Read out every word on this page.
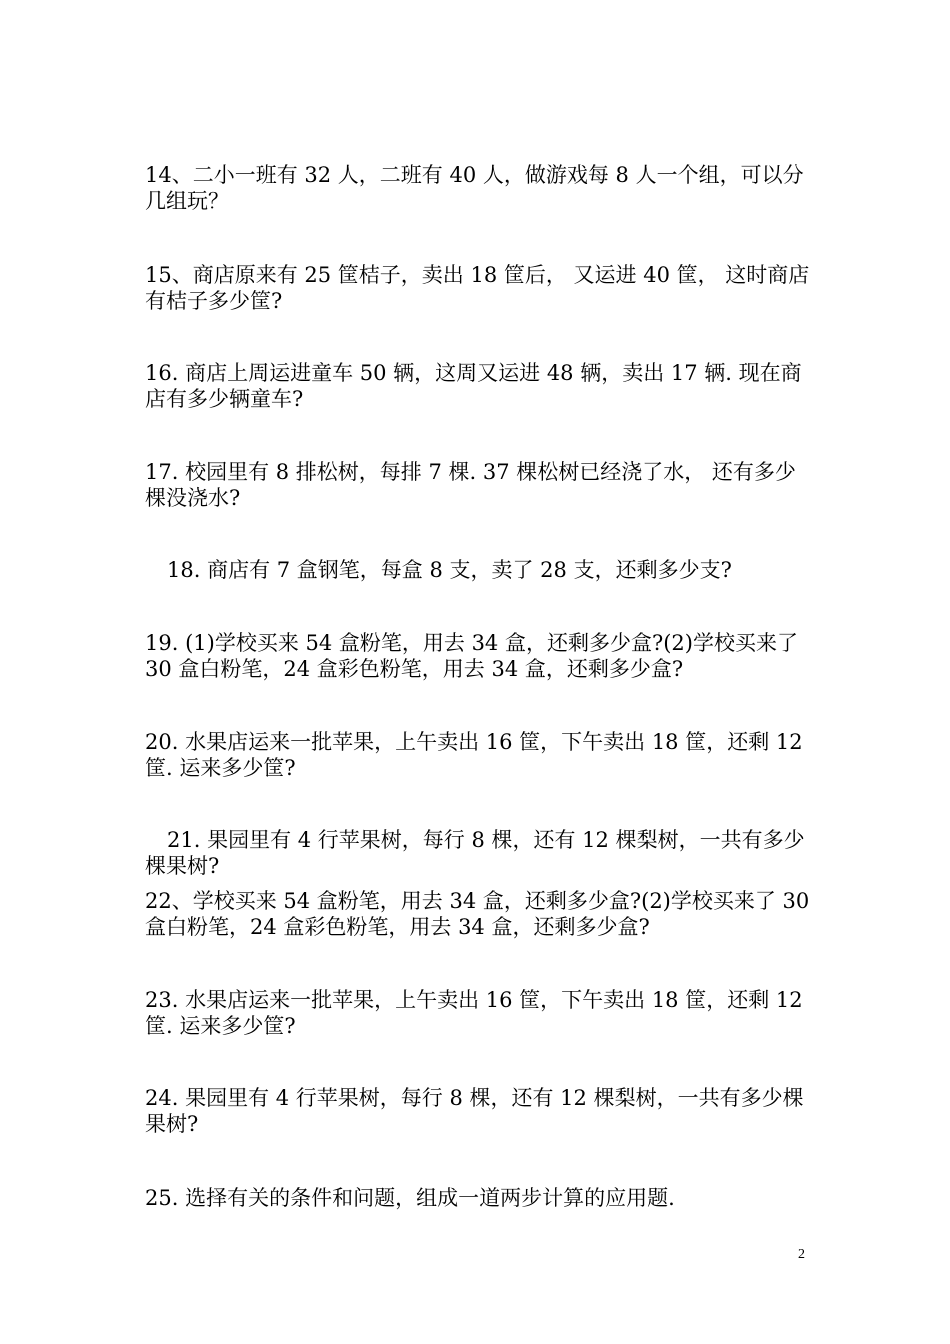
14、二小一班有 32 人，二班有 40 人，做游戏每 8 人一个组，可以分几组玩？

15、商店原来有 25 筐桔子，卖出 18 筐后， 又运进 40 筐， 这时商店有桔子多少筐?

16. 商店上周运进童车 50 辆，这周又运进 48 辆，卖出 17 辆. 现在商店有多少辆童车?

17. 校园里有 8 排松树，每排 7 棵. 37 棵松树已经浇了水， 还有多少棵没浇水?

18. 商店有 7 盒钢笔，每盒 8 支，卖了 28 支，还剩多少支?

19. (1)学校买来 54 盒粉笔，用去 34 盒，还剩多少盒?(2)学校买来了 30 盒白粉笔，24 盒彩色粉笔，用去 34 盒，还剩多少盒?

20. 水果店运来一批苹果，上午卖出 16 筐，下午卖出 18 筐，还剩 12 筐. 运来多少筐?

21. 果园里有 4 行苹果树，每行 8 棵，还有 12 棵梨树，一共有多少棵果树?

22、学校买来 54 盒粉笔，用去 34 盒，还剩多少盒?(2)学校买来了 30 盒白粉笔，24 盒彩色粉笔，用去 34 盒，还剩多少盒?

23. 水果店运来一批苹果，上午卖出 16 筐，下午卖出 18 筐，还剩 12 筐. 运来多少筐?

24. 果园里有 4 行苹果树，每行 8 棵，还有 12 棵梨树，一共有多少棵果树?

25. 选择有关的条件和问题，组成一道两步计算的应用题.

2
